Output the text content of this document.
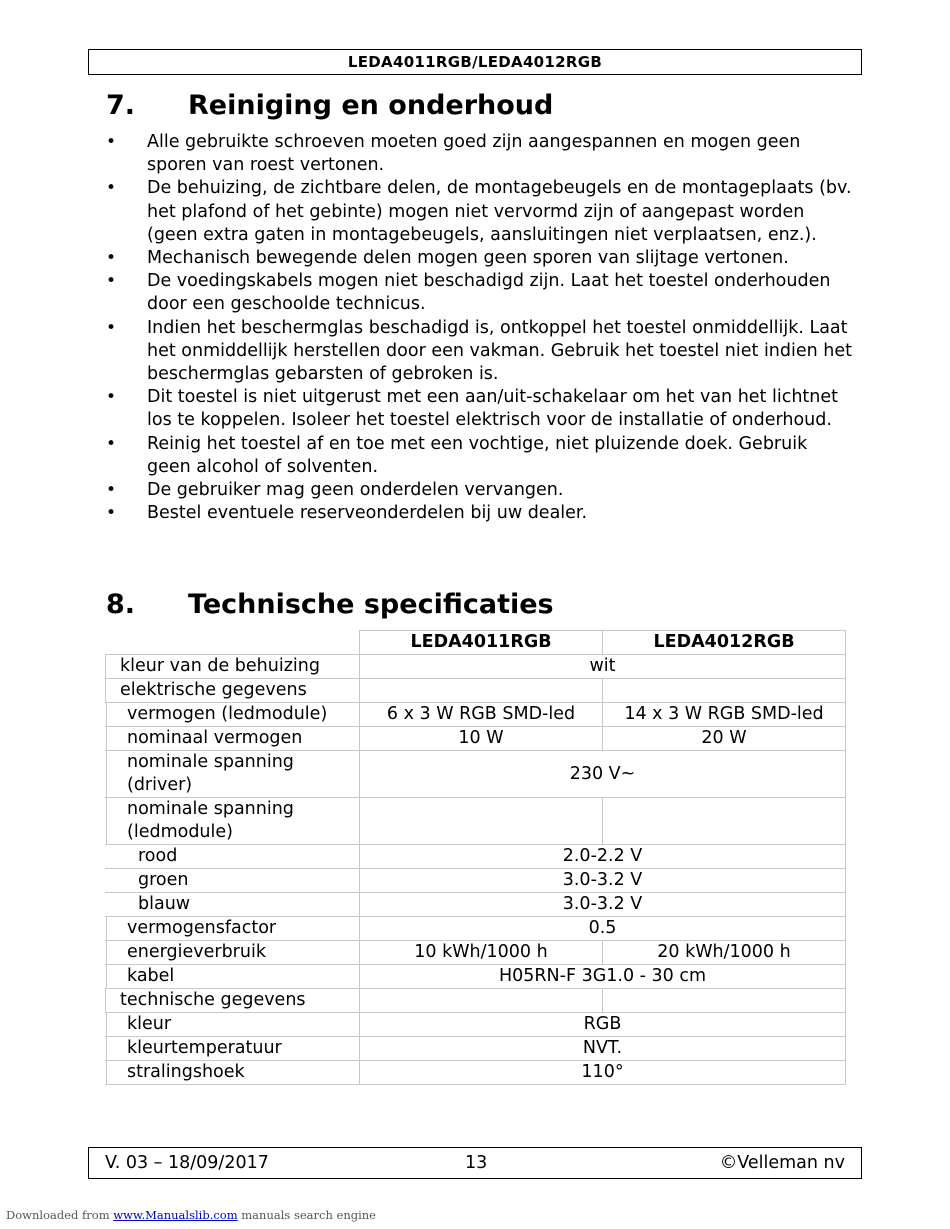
LEDA4011RGB/LEDA4012RGB
7. Reiniging en onderhoud
•	Alle gebruikte schroeven moeten goed zijn aangespannen en mogen geen sporen van roest vertonen.
•	De behuizing, de zichtbare delen, de montagebeugels en de montageplaats (bv. het plafond of het gebinte) mogen niet vervormd zijn of aangepast worden (geen extra gaten in montagebeugels, aansluitingen niet verplaatsen, enz.).
•	Mechanisch bewegende delen mogen geen sporen van slijtage vertonen.
•	De voedingskabels mogen niet beschadigd zijn. Laat het toestel onderhouden door een geschoolde technicus.
•	Indien het beschermglas beschadigd is, ontkoppel het toestel onmiddellijk. Laat het onmiddellijk herstellen door een vakman. Gebruik het toestel niet indien het beschermglas gebarsten of gebroken is.
•	Dit toestel is niet uitgerust met een aan/uit-schakelaar om het van het lichtnet los te koppelen. Isoleer het toestel elektrisch voor de installatie of onderhoud.
•	Reinig het toestel af en toe met een vochtige, niet pluizende doek. Gebruik geen alcohol of solventen.
•	De gebruiker mag geen onderdelen vervangen.
•	Bestel eventuele reserveonderdelen bij uw dealer.
8. Technische specificaties
	LEDA4011RGB	LEDA4012RGB
kleur van de behuizing	wit	
elektrische gegevens		

vermogen (ledmodule)	6 x 3 W RGB SMD-led	14 x 3 W RGB SMD-led

nominaal vermogen	10 W	20 W

nominale spanning (driver)	230 V~	

nominale spanning (ledmodule)		

rood	2.0-2.2 V	

groen	3.0-3.2 V	

blauw	3.0-3.2 V	

vermogensfactor	0.5	

energieverbruik	10 kWh/1000 h	20 kWh/1000 h

kabel	H05RN-F 3G1.0 - 30 cm	
technische gegevens		

kleur	RGB	

kleurtemperatuur	NVT.	

stralingshoek	110°	
V. 03 – 18/09/2017	13	©Velleman nv
Downloaded from www.Manualslib.com manuals search engine
